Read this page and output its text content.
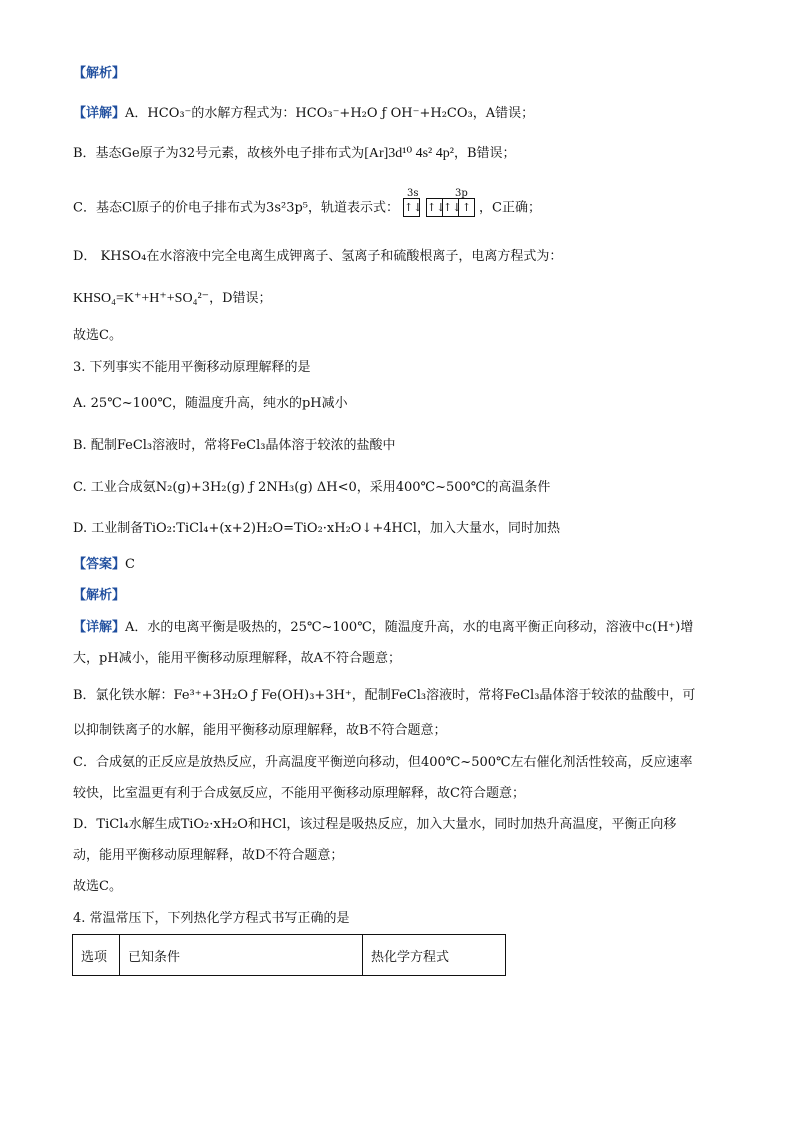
【解析】
【详解】A．HCO₃⁻的水解方程式为：HCO₃⁻+H₂O ƒ OH⁻+H₂CO₃，A错误；
B．基态Ge原子为32号元素，故核外电子排布式为[Ar]3d¹⁰ 4s² 4p²，B错误；
C．基态Cl原子的价电子排布式为3s²3p⁵，轨道表示式：
3s	3p
↑↓ ↑↓↑↓↑ ，C正确；
D． KHSO₄在水溶液中完全电离生成钾离子、氢离子和硫酸根离子，电离方程式为：
KHSO₄=K⁺+H⁺+SO₄²⁻，D错误；
故选C。
3. 下列事实不能用平衡移动原理解释的是
A. 25℃~100℃，随温度升高，纯水的pH减小
B. 配制FeCl₃溶液时，常将FeCl₃晶体溶于较浓的盐酸中
C. 工业合成氨N₂(g)+3H₂(g) ƒ 2NH₃(g) ΔH<0，采用400℃~500℃的高温条件
D. 工业制备TiO₂:TiCl₄+(x+2)H₂O=TiO₂·xH₂O↓+4HCl，加入大量水，同时加热
【答案】C
【解析】
【详解】A．水的电离平衡是吸热的，25℃~100℃，随温度升高，水的电离平衡正向移动，溶液中c(H⁺)增
大，pH减小，能用平衡移动原理解释，故A不符合题意；
B．氯化铁水解：Fe³⁺+3H₂O ƒ Fe(OH)₃+3H⁺，配制FeCl₃溶液时，常将FeCl₃晶体溶于较浓的盐酸中，可
以抑制铁离子的水解，能用平衡移动原理解释，故B不符合题意；
C．合成氨的正反应是放热反应，升高温度平衡逆向移动，但400℃~500℃左右催化剂活性较高，反应速率
较快，比室温更有利于合成氨反应，不能用平衡移动原理解释，故C符合题意；
D．TiCl₄水解生成TiO₂·xH₂O和HCl，该过程是吸热反应，加入大量水，同时加热升高温度，平衡正向移
动，能用平衡移动原理解释，故D不符合题意；
故选C。
4. 常温常压下，下列热化学方程式书写正确的是
选项	已知条件	热化学方程式
